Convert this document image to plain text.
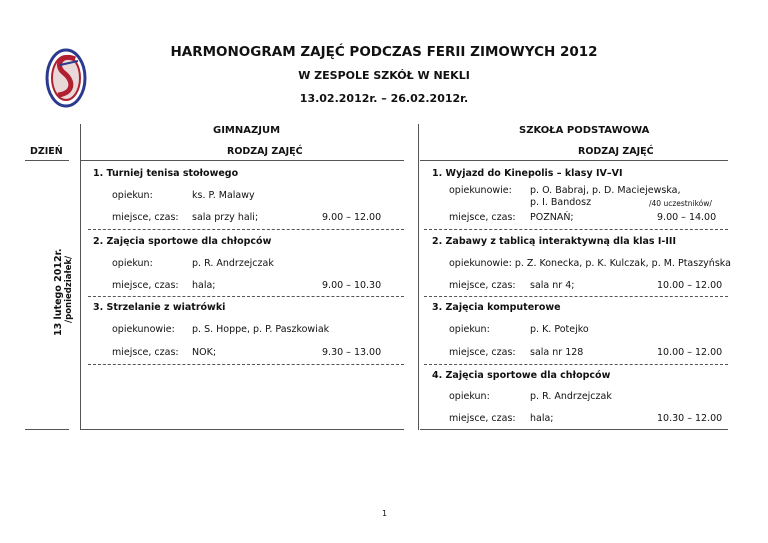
HARMONOGRAM ZAJĘĆ PODCZAS FERII ZIMOWYCH 2012
W ZESPOLE SZKÓŁ W NEKLI
13.02.2012r. – 26.02.2012r.
GIMNAZJUM	SZKOŁA PODSTAWOWA
DZIEŃ	RODZAJ ZAJĘĆ	RODZAJ ZAJĘĆ
13 lutego 2012r. /poniedziałek/
1. Turniej tenisa stołowego
opiekun:	ks. P. Malawy
miejsce, czas: sala przy hali;	9.00 – 12.00
2. Zajęcia sportowe dla chłopców
opiekun:	p. R. Andrzejczak
miejsce, czas: hala;	9.00 – 10.30
3. Strzelanie z wiatrówki
opiekunowie: p. S. Hoppe, p. P. Paszkowiak
miejsce, czas: NOK;	9.30 – 13.00
1. Wyjazd do Kinepolis – klasy IV–VI
opiekunowie: p. O. Babraj, p. D. Maciejewska,
p. I. Bandosz	/40 uczestników/
miejsce, czas: POZNAŃ;	9.00 – 14.00
2. Zabawy z tablicą interaktywną dla klas I-III
opiekunowie: p. Z. Konecka, p. K. Kulczak, p. M. Ptaszyńska
miejsce, czas: sala nr 4;	10.00 – 12.00
3. Zajęcia komputerowe
opiekun:	p. K. Potejko
miejsce, czas: sala nr 128	10.00 – 12.00
4. Zajęcia sportowe dla chłopców
opiekun:	p. R. Andrzejczak
miejsce, czas: hala;	10.30 – 12.00
1
